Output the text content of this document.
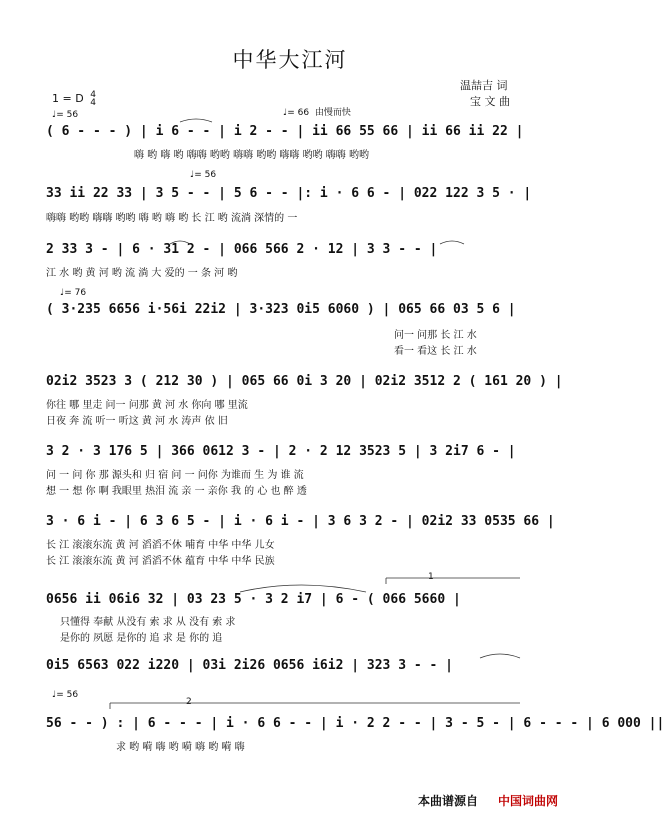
中华大江河
温喆吉 词
宝 文 曲
1 = D 4
4
♩= 56	♩= 66 由慢而快
♩= 56
♩= 76
♩= 56
( 6 - - - ) | i 6 - - | i 2 - - | ii 66 55 66 | ii 66 ii 22 |
嗨 哟 嗨 哟 嗨嗨 哟哟 嗨嗨 哟哟 嗨嗨 哟哟 嗨嗨 哟哟
33 ii 22 33 | 3 5 - - | 5 6 - - |: i · 6 6 - | 022 122 3 5 · |
嗨嗨 哟哟 嗨嗨 哟哟 嗨 哟 嗨 哟 长 江 哟 流淌 深情的 一
2 33 3 - | 6 · 31 2 - | 066 566 2 · 12 | 3 3 - - |
江 水 哟 黄 河 哟 流 淌 大 爱的 一 条 河 哟
( 3·235 6656 i·56i 22i2 | 3·323 0i5 6060 ) | 065 66 03 5 6 |
问一 问那 长 江 水
看一 看这 长 江 水
02i2 3523 3 ( 212 30 ) | 065 66 0i 3 20 | 02i2 3512 2 ( 161 20 ) |
你往 哪 里走 问一 问那 黄 河 水 你向 哪 里流
日夜 奔 流 听一 听这 黄 河 水 涛声 依 旧
3 2 · 3 176 5 | 366 0612 3 - | 2 · 2 12 3523 5 | 3 2i7 6 - |
问 一 问 你 那 源头和 归 宿 问 一 问你 为谁而 生 为 谁 流
想 一 想 你 啊 我眼里 热泪 流 亲 一 亲你 我 的 心 也 醉 透
3 · 6 i - | 6 3 6 5 - | i · 6 i - | 3 6 3 2 - | 02i2 33 0535 66 |
长 江 滚滚东流 黄 河 滔滔不休 哺育 中华 中华 儿女
长 江 滚滚东流 黄 河 滔滔不休 蕴育 中华 中华 民族
0656 ii 06i6 32 | 03 23 5 · 3 2 i7 | 6 - ( 066 5660 |
只懂得 奉献 从没有 索 求 从 没有 索 求
是你的 夙愿 是你的 追 求 是 你的 追
0i5 6563 022 i220 | 03i 2i26 0656 i6i2 | 323 3 - - |
56 - - ) : | 6 - - - | i · 6 6 - - | i · 2 2 - - | 3 - 5 - | 6 - - - | 6 000 ||
求 哟 嗬 嗨 哟 嗬 嗨 哟 嗬 嗨
1
2
本曲谱源自 中国词曲网
